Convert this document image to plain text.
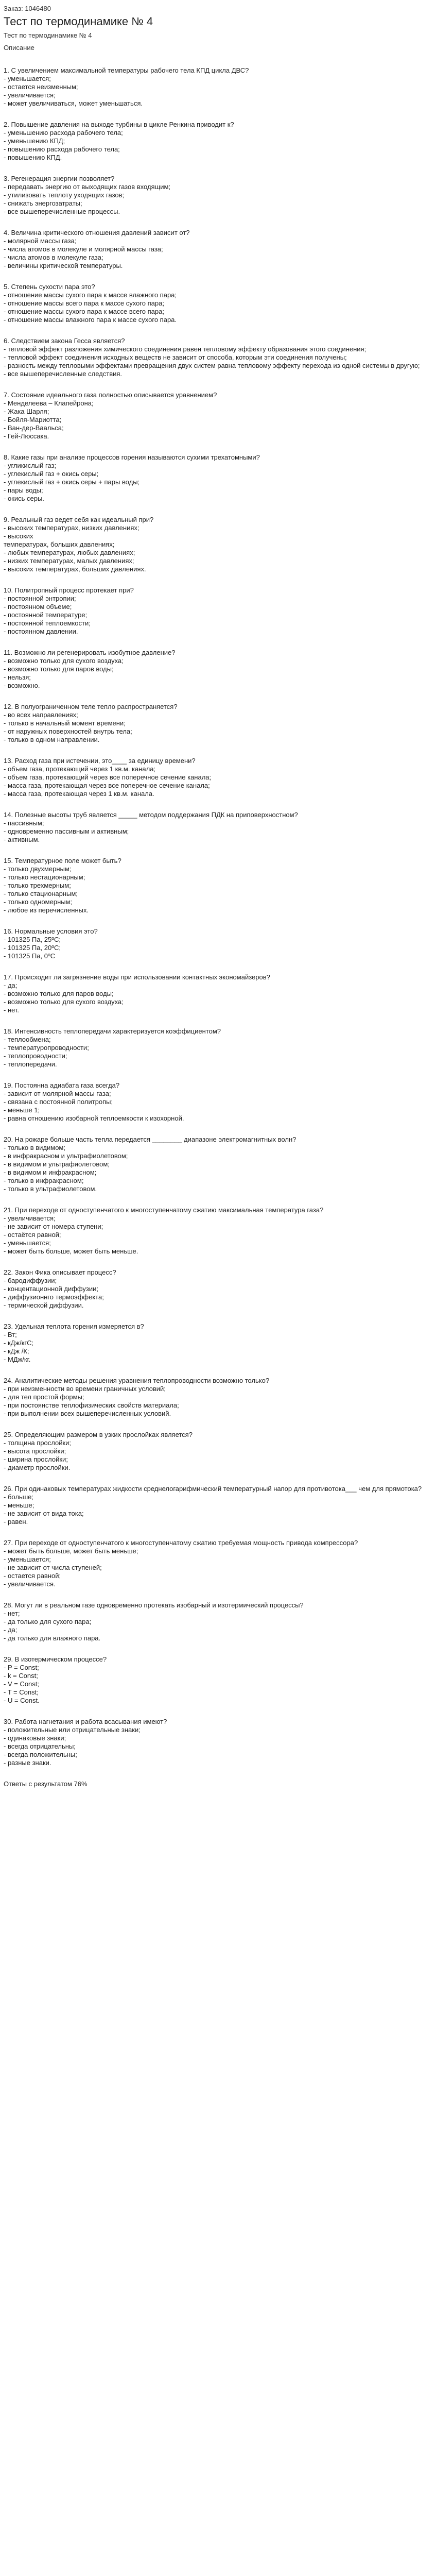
Заказ: 1046480

Тест по термодинамике № 4

Тест по термодинамике № 4

Описание

1. С увеличением максимальной температуры рабочего тела КПД цикла ДВС?
- уменьшается;
- остается неизменным;
- увеличивается;
- может увеличиваться, может уменьшаться.
2. Повышение давления на выходе турбины в цикле Ренкина приводит к?
- уменьшению расхода рабочего тела;
- уменьшению КПД;
- повышению расхода рабочего тела;
- повышению КПД.
3. Регенерация энергии позволяет?
- передавать энергию от выходящих газов входящим;
- утилизовать теплоту уходящих газов;
- снижать энергозатраты;
- все вышеперечисленные процессы.
4. Величина критического отношения давлений зависит от?
- молярной массы газа;
- числа атомов в молекуле и молярной массы газа;
- числа атомов в молекуле газа;
- величины критической температуры.
5. Степень сухости пара это?
- отношение массы сухого пара к массе влажного пара;
- отношение массы всего пара к массе сухого пара;
- отношение массы сухого пара к массе всего пара;
- отношение массы влажного пара к массе сухого пара.
6. Следствием закона Гесса является?
- тепловой эффект разложения химического соединения равен тепловому эффекту образования этого соединения;
- тепловой эффект соединения исходных веществ не зависит от способа, которым эти соединения получены;
- разность между тепловыми эффектами превращения двух систем равна тепловому эффекту перехода из одной системы в другую;
- все вышеперечисленные следствия.
7. Состояние идеального газа полностью описывается уравнением?
- Менделеева – Клапейрона;
- Жака Шарля;
- Бойля-Мариотта;
- Ван-дер-Ваальса;
- Гей-Люссака.
8. Какие газы при анализе процессов горения называются сухими трехатомными?
- угликислый газ;
- углекислый газ + окись серы;
- углекислый газ + окись серы + пары воды;
- пары воды;
- окись серы.
9. Реальный газ ведет себя как идеальный при?
- высоких температурах, низких давлениях;
- высоких
температурах, больших давлениях;
- любых температурах, любых давлениях;
- низких температурах, малых давлениях;
- высоких температурах, больших давлениях.
10. Политропный процесс протекает при?
- постоянной энтропии;
- постоянном объеме;
- постоянной температуре;
- постоянной теплоемкости;
- постоянном давлении.
11. Возможно ли регенерировать изобутное давление?
- возможно только для сухого воздуха;
- возможно только для паров воды;
- нельзя;
- возможно.
12. В полуограниченном теле тепло распространяется?
- во всех направлениях;
- только в начальный момент времени;
- от наружных поверхностей внутрь тела;
- только в одном направлении.
13. Расход газа при истечении, это____ за единицу времени?
- объем газа, протекающий через 1 кв.м. канала;
- объем газа, протекающий через все поперечное сечение канала;
- масса газа, протекающая через все поперечное сечение канала;
- масса газа, протекающая через 1 кв.м. канала.
14. Полезные высоты труб является _____ методом поддержания ПДК на приповерхностном?
- пассивным;
- одновременно пассивным и активным;
- активным.
15. Температурное поле может быть?
- только двухмерным;
- только нестационарным;
- только трехмерным;
- только стационарным;
- только одномерным;
- любое из перечисленных.
16. Нормальные условия это?
- 101325 Па, 25ºС;
- 101325 Па, 20ºС;
- 101325 Па, 0ºС
17. Происходит ли загрязнение воды при использовании контактных экономайзеров?
- да;
- возможно только для паров воды;
- возможно только для сухого воздуха;
- нет.
18. Интенсивность теплопередачи характеризуется коэффициентом?
- теплообмена;
- температуропроводности;
- теплопроводности;
- теплопередачи.
19. Постоянна адиабата газа всегда?
- зависит от молярной массы газа;
- связана с постоянной политропы;
- меньше 1;
- равна отношению изобарной теплоемкости к изохорной.
20. На рожаре больше часть тепла передается ________ диапазоне электромагнитных волн?
- только в видимом;
- в инфракрасном и ультрафиолетовом;
- в видимом и ультрафиолетовом;
- в видимом и инфракрасном;
- только в инфракрасном;
- только в ультрафиолетовом.
21. При переходе от одноступенчатого к многоступенчатому сжатию максимальная температура газа?
- увеличивается;
- не зависит от номера ступени;
- остаётся равной;
- уменьшается;
- может быть больше, может быть меньше.
22. Закон Фика описывает процесс?
- бародиффузии;
- концентационной диффузии;
- диффузионнго термоэффекта;
- термической диффузии.
23. Удельная теплота горения измеряется в?
- Вт;
- кДж/кгС;
- кДж /К;
- МДж/кг.
24. Аналитические методы решения уравнения теплопроводности возможно только?
- при неизменности во времени граничных условий;
- для тел простой формы;
- при постоянстве теплофизических свойств материала;
- при выполнении всех вышеперечисленных условий.
25. Определяющим размером в узких прослойках является?
- толщина прослойки;
- высота прослойки;
- ширина прослойки;
- диаметр прослойки.
26. При одинаковых температурах жидкости среднелогарифмический температурный напор для противотока___ чем для прямотока?
- больше;
- меньше;
- не зависит от вида тока;
- равен.
27. При переходе от одноступенчатого к многоступенчатому сжатию требуемая мощность привода компрессора?
- может быть больше, может быть меньше;
- уменьшается;
- не зависит от числа ступеней;
- остается равной;
- увеличивается.
28. Могут ли в реальном газе одновременно протекать изобарный и изотермический процессы?
- нет;
- да только для сухого пара;
- да;
- да только для влажного пара.
29. В изотермическом процессе?
- P = Const;
- k = Const;
- V = Const;
- T = Const;
- U = Const.
30. Работа нагнетания и работа всасывания имеют?
- положительные или отрицательные знаки;
- одинаковые знаки;
- всегда отрицательны;
- всегда положительны;
- разные знаки.

Ответы с результатом 76%
